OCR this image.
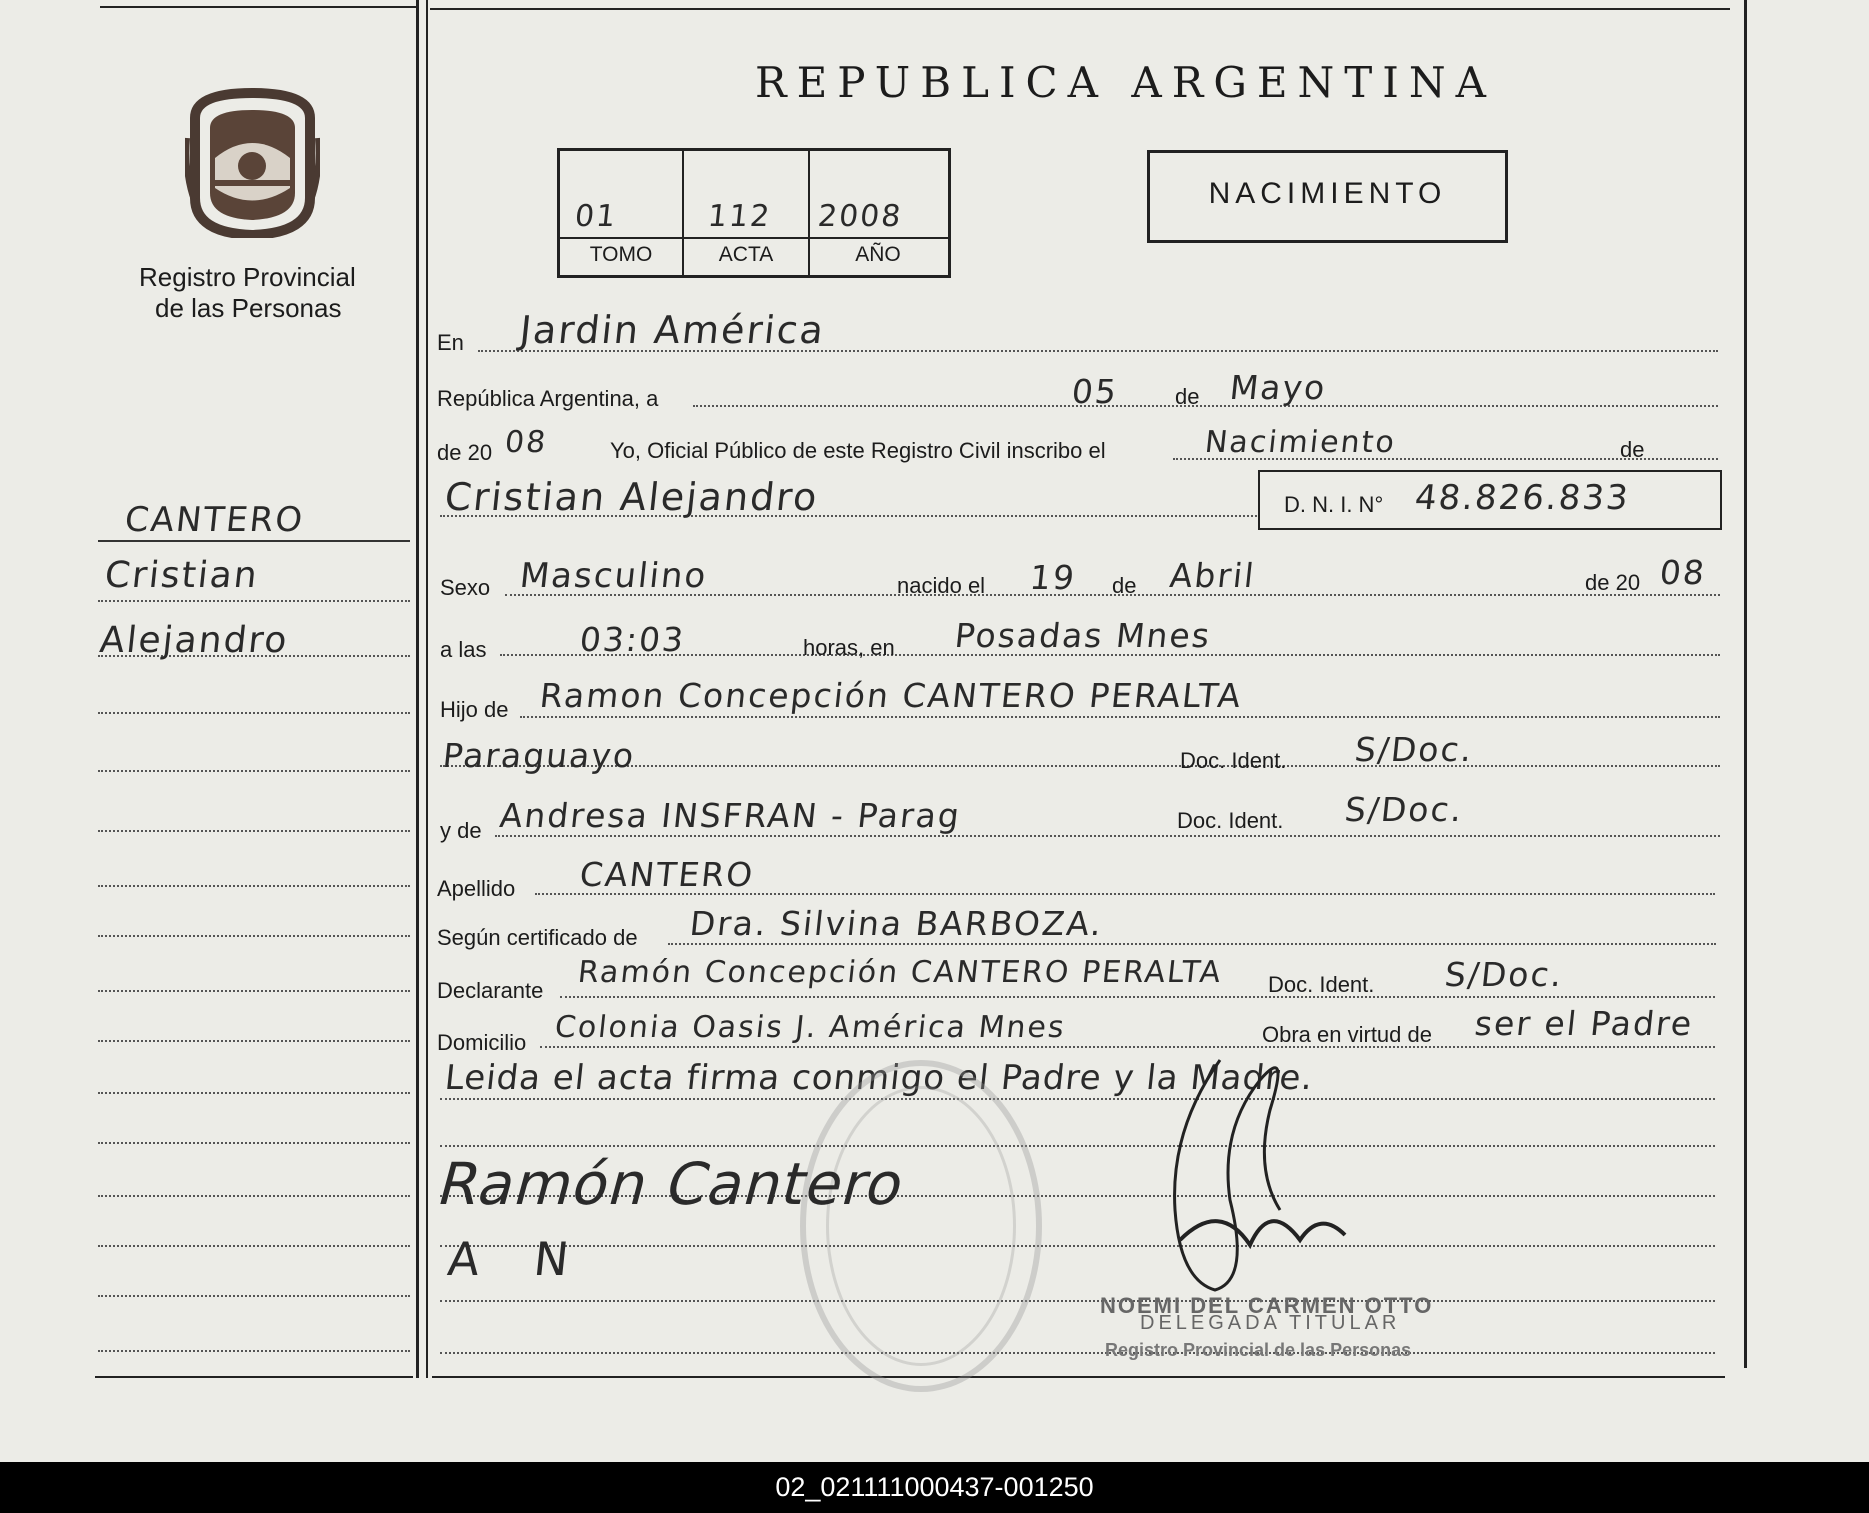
Registro Provincial
de las Personas
REPUBLICA ARGENTINA
01	112 2008
TOMO	ACTA	AÑO
NACIMIENTO
CANTERO
Cristian
Alejandro
En Jardin América
República Argentina, a	05 de Mayo
de 20 08	Yo, Oficial Público de este Registro Civil inscribo el	Nacimiento	de
Cristian Alejandro	D. N. I. N° 48.826.833
Sexo Masculino	nacido el 19 de Abril	de 20 08
a las	03:03	horas, en Posadas Mnes
Hijo de Ramon Concepción CANTERO PERALTA
Paraguayo	Doc. Ident. S/Doc.
y de Andresa INSFRAN - Parag	Doc. Ident. S/Doc.
Apellido CANTERO
Según certificado de Dra. Silvina BARBOZA.
Declarante
Ramón Concepción CANTERO PERALTA Doc. Ident. S/Doc.
Domicilio Colonia Oasis J. América Mnes	Obra en virtud de ser el Padre
Leida el acta firma conmigo el Padre y la Madre.
Ramón Cantero
A N
NOEMI DEL CARMEN OTTO
DELEGADA TITULAR
Registro Provincial de las Personas
02_021111000437-001250
